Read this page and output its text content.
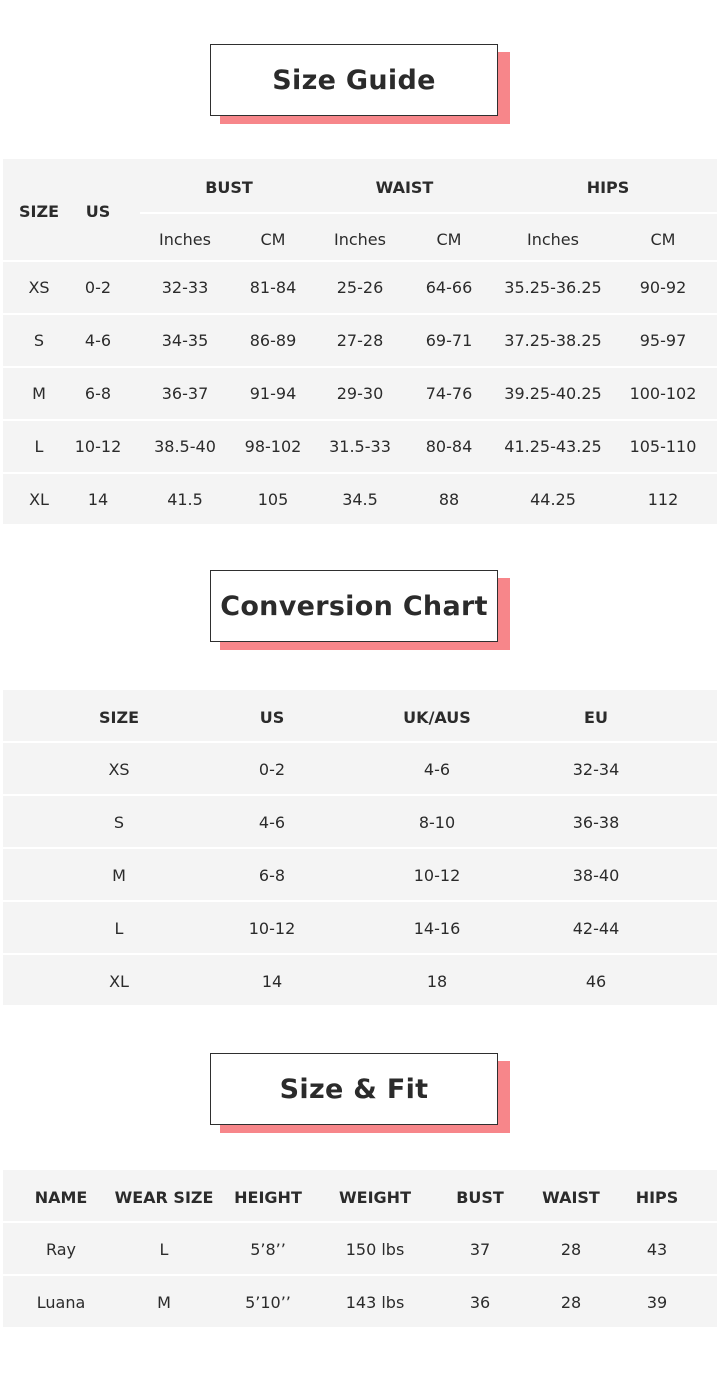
Size Guide
SIZE	US
BUST	WAIST	HIPS
Inches	CM	Inches	CM	Inches	CM
XS	0-2	32-33	81-84	25-26	64-66	35.25-36.25	90-92
S	4-6	34-35	86-89	27-28	69-71	37.25-38.25	95-97
M	6-8	36-37	91-94	29-30	74-76	39.25-40.25	100-102
L	10-12	38.5-40	98-102	31.5-33	80-84	41.25-43.25	105-110
XL	14	41.5	105	34.5	88	44.25	112
Conversion Chart
SIZE	US	UK/AUS	EU
XS	0-2	4-6	32-34
S	4-6	8-10	36-38
M	6-8	10-12	38-40
L	10-12	14-16	42-44
XL	14	18	46
Size & Fit
NAME	WEAR SIZE	HEIGHT	WEIGHT	BUST	WAIST	HIPS
Ray	L	5’8’’	150 lbs	37	28	43
Luana	M	5’10’’	143 lbs	36	28	39
